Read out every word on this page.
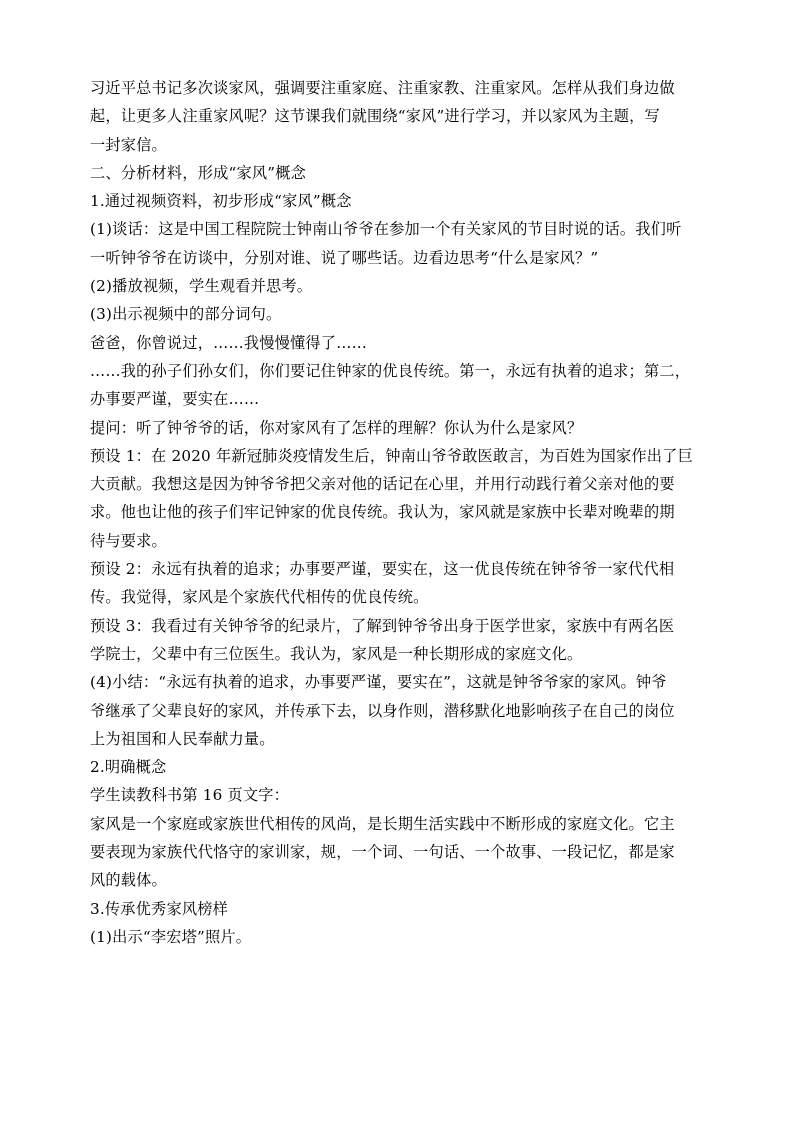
习近平总书记多次谈家风，强调要注重家庭、注重家教、注重家风。怎样从我们身边做

起，让更多人注重家风呢？这节课我们就围绕“家风”进行学习，并以家风为主题，写

一封家信。

二、分析材料，形成“家风”概念

1.通过视频资料，初步形成“家风”概念

(1)谈话：这是中国工程院院士钟南山爷爷在参加一个有关家风的节目时说的话。我们听

一听钟爷爷在访谈中，分别对谁、说了哪些话。边看边思考“什么是家风？”

(2)播放视频，学生观看并思考。

(3)出示视频中的部分词句。

爸爸，你曾说过，……我慢慢懂得了……

……我的孙子们孙女们，你们要记住钟家的优良传统。第一，永远有执着的追求；第二，

办事要严谨，要实在……

提问：听了钟爷爷的话，你对家风有了怎样的理解？你认为什么是家风？

预设 1：在 2020 年新冠肺炎疫情发生后，钟南山爷爷敢医敢言，为百姓为国家作出了巨

大贡献。我想这是因为钟爷爷把父亲对他的话记在心里，并用行动践行着父亲对他的要

求。他也让他的孩子们牢记钟家的优良传统。我认为，家风就是家族中长辈对晚辈的期

待与要求。

预设 2：永远有执着的追求；办事要严谨，要实在，这一优良传统在钟爷爷一家代代相

传。我觉得，家风是个家族代代相传的优良传统。

预设 3：我看过有关钟爷爷的纪录片，了解到钟爷爷出身于医学世家，家族中有两名医

学院士，父辈中有三位医生。我认为，家风是一种长期形成的家庭文化。

(4)小结：“永远有执着的追求，办事要严谨，要实在”，这就是钟爷爷家的家风。钟爷

爷继承了父辈良好的家风，并传承下去，以身作则，潜移默化地影响孩子在自己的岗位

上为祖国和人民奉献力量。

2.明确概念

学生读教科书第 16 页文字：

家风是一个家庭或家族世代相传的风尚，是长期生活实践中不断形成的家庭文化。它主

要表现为家族代代恪守的家训家，规，一个词、一句话、一个故事、一段记忆，都是家

风的载体。

3.传承优秀家风榜样

(1)出示“李宏塔”照片。
